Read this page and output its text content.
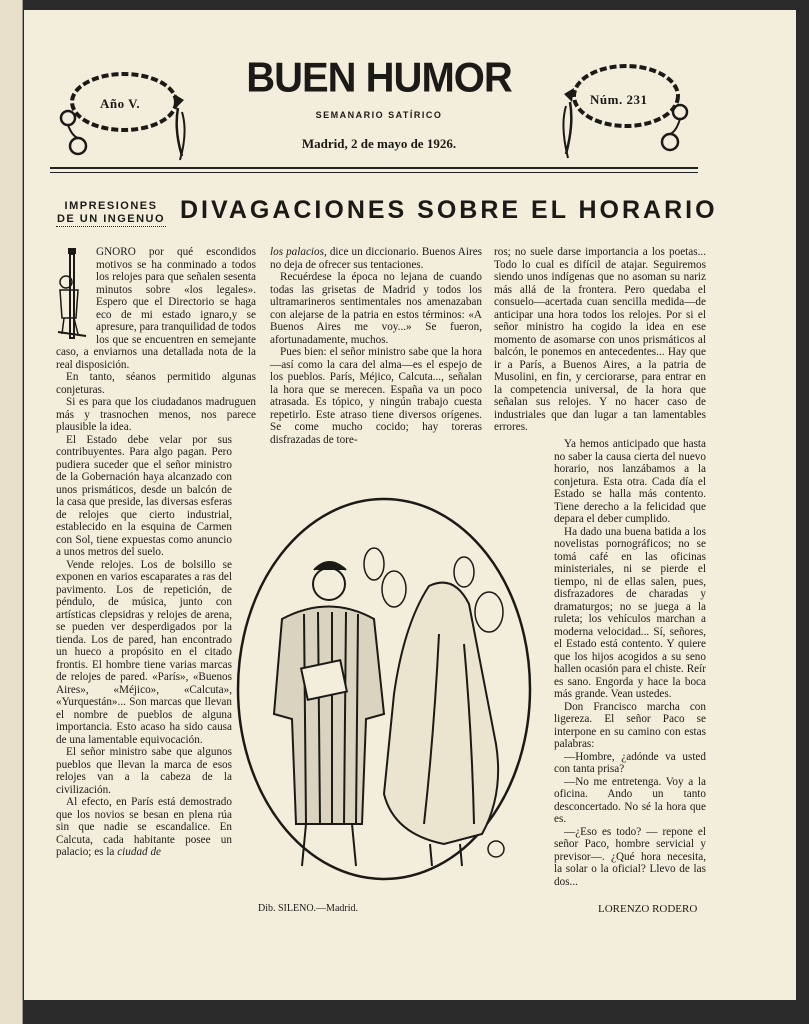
Año V.	Núm. 231
BUEN HUMOR
SEMANARIO SATÍRICO
Madrid, 2 de mayo de 1926.
IMPRESIONES
DE UN INGENUO DIVAGACIONES SOBRE EL HORARIO

GNORO por qué escondidos motivos se ha conminado a todos los relojes para que señalen sesenta minutos sobre «los legales». Espero que el Directorio se haga eco de mi estado ignaro,y se apresure, para tranquilidad de todos los que se encuentren en semejante caso, a enviarnos una detallada nota de la real disposición.

En tanto, séanos permitido algunas conjeturas.

Si es para que los ciudadanos madruguen más y trasnochen menos, nos parece plausible la idea.

El Estado debe velar por sus contribuyentes. Para algo pagan. Pero pudiera suceder que el señor ministro de la Gobernación haya alcanzado con unos prismáticos, desde un balcón de la casa que preside, las diversas esferas de relojes que cierto industrial, establecido en la esquina de Carmen con Sol, tiene expuestas como anuncio a unos metros del suelo.

Vende relojes. Los de bolsillo se exponen en varios escaparates a ras del pavimento. Los de repetición, de péndulo, de música, junto con artísticas clepsidras y relojes de arena, se pueden ver desperdigados por la tienda. Los de pared, han encontrado un hueco a propósito en el citado frontis. El hombre tiene varias marcas de relojes de pared. «París», «Buenos Aires», «Méjico», «Calcuta», «Yurquestán»... Son marcas que llevan el nombre de pueblos de alguna importancia. Esto acaso ha sido causa de una lamentable equivocación.

El señor ministro sabe que algunos pueblos que llevan la marca de esos relojes van a la cabeza de la civilización.

Al efecto, en París está demostrado que los novios se besan en plena rúa sin que nadie se escandalice. En Calcuta, cada habitante posee un palacio; es la ciudad de

los palacios, dice un diccionario. Buenos Aires no deja de ofrecer sus tentaciones.

Recuérdese la época no lejana de cuando todas las grisetas de Madrid y todos los ultramarineros sentimentales nos amenazaban con alejarse de la patria en estos términos: «A Buenos Aires me voy...» Se fueron, afortunadamente, muchos.

Pues bien: el señor ministro sabe que la hora—así como la cara del alma—es el espejo de los pueblos. París, Méjico, Calcuta..., señalan la hora que se merecen. España va un poco atrasada. Es tópico, y ningún trabajo cuesta repetirlo. Este atraso tiene diversos orígenes. Se come mucho cocido; hay toreras disfrazadas de tore-

ros; no suele darse importancia a los poetas... Todo lo cual es difícil de atajar. Seguiremos siendo unos indígenas que no asoman su nariz más allá de la frontera. Pero quedaba el consuelo—acertada cuan sencilla medida—de anticipar una hora todos los relojes. Por si el señor ministro ha cogido la idea en ese momento de asomarse con unos prismáticos al balcón, le ponemos en antecedentes... Hay que ir a París, a Buenos Aires, a la patria de Musolini, en fin, y cerciorarse, para entrar en la competencia universal, de la hora que señalan sus relojes. Y no hacer caso de industriales que dan lugar a tan lamentables errores.

Ya hemos anticipado que hasta no saber la causa cierta del nuevo horario, nos lanzábamos a la conjetura. Esta otra. Cada día el Estado se halla más contento. Tiene derecho a la felicidad que depara el deber cumplido.

Ha dado una buena batida a los novelistas pornográficos; no se tomá café en las oficinas ministeriales, ni se pierde el tiempo, ni de ellas salen, pues, disfrazadores de charadas y dramaturgos; no se juega a la ruleta; los vehículos marchan a moderna velocidad... Sí, señores, el Estado está contento. Y quiere que los hijos acogidos a su seno hallen ocasión para el chiste. Reír es sano. Engorda y hace la boca más grande. Vean ustedes.

Don Francisco marcha con ligereza. El señor Paco se interpone en su camino con estas palabras:

—Hombre, ¿adónde va usted con tanta prisa?

—No me entretenga. Voy a la oficina. Ando un tanto desconcertado. No sé la hora que es.

—¿Eso es todo? — repone el señor Paco, hombre servicial y previsor—. ¿Qué hora necesita, la solar o la oficial? Llevo de las dos...

Dib. SILENO.—Madrid.	LORENZO RODERO
